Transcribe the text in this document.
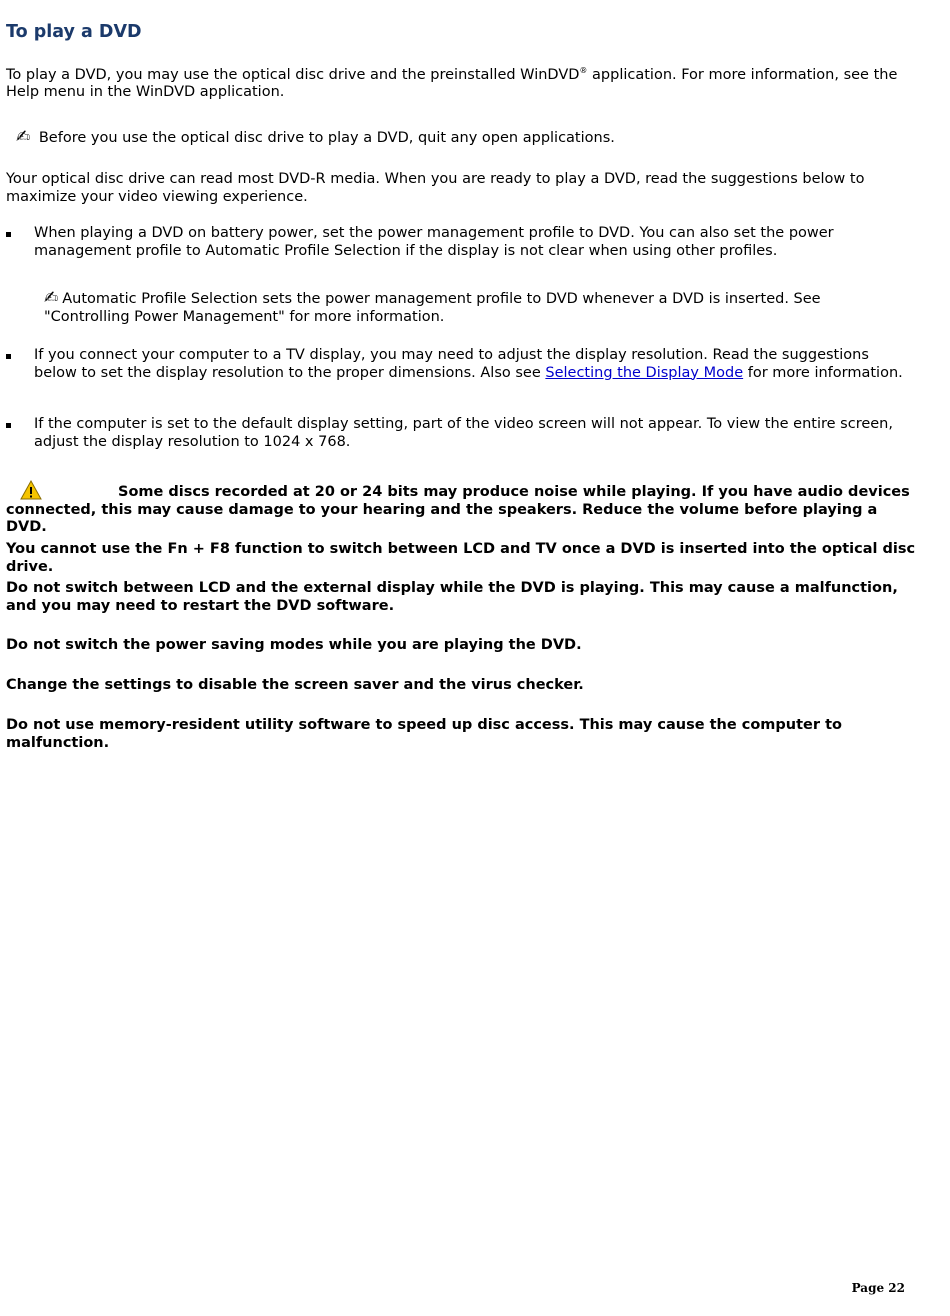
To play a DVD

To play a DVD, you may use the optical disc drive and the preinstalled WinDVD® application. For more information, see the Help menu in the WinDVD application.

✍ Before you use the optical disc drive to play a DVD, quit any open applications.

Your optical disc drive can read most DVD-R media. When you are ready to play a DVD, read the suggestions below to maximize your video viewing experience.

When playing a DVD on battery power, set the power management profile to DVD. You can also set the power management profile to Automatic Profile Selection if the display is not clear when using other profiles.
✍ Automatic Profile Selection sets the power management profile to DVD whenever a DVD is inserted. See "Controlling Power Management" for more information.
If you connect your computer to a TV display, you may need to adjust the display resolution. Read the suggestions below to set the display resolution to the proper dimensions. Also see Selecting the Display Mode for more information.
If the computer is set to the default display setting, part of the video screen will not appear. To view the entire screen, adjust the display resolution to 1024 x 768.

Some discs recorded at 20 or 24 bits may produce noise while playing. If you have audio devices connected, this may cause damage to your hearing and the speakers. Reduce the volume before playing a DVD.

You cannot use the Fn + F8 function to switch between LCD and TV once a DVD is inserted into the optical disc drive.

Do not switch between LCD and the external display while the DVD is playing. This may cause a malfunction, and you may need to restart the DVD software.

Do not switch the power saving modes while you are playing the DVD.

Change the settings to disable the screen saver and the virus checker.

Do not use memory-resident utility software to speed up disc access. This may cause the computer to malfunction.

Page 22
